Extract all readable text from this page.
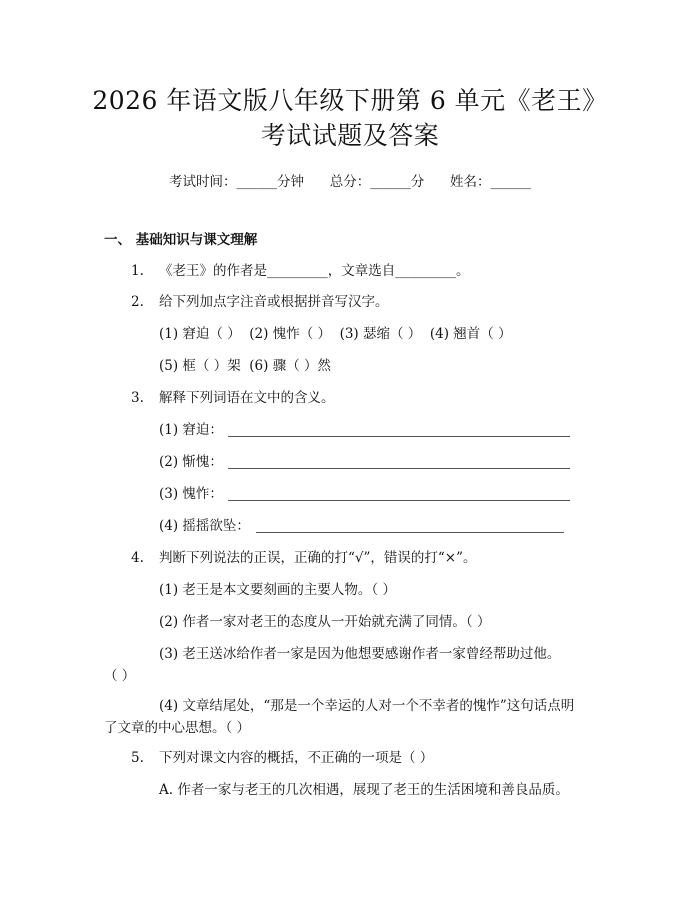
2026 年语文版八年级下册第 6 单元《老王》
考试试题及答案
考试时间：______分钟      总分：______分      姓名：______
一、 基础知识与课文理解
1. 《老王》的作者是_________，文章选自_________。
2. 给下列加点字注音或根据拼音写汉字。
(1) 窘迫（ ）  (2) 愧怍（ ）  (3) 瑟缩（ ）  (4) 翘首（ ）
(5) 框（ ）架  (6) 骤（ ）然
3. 解释下列词语在文中的含义。
(1) 窘迫：
(2) 惭愧：
(3) 愧怍：
(4) 摇摇欲坠：
4. 判断下列说法的正误，正确的打“√”，错误的打“×”。
(1) 老王是本文要刻画的主要人物。（ ）
(2) 作者一家对老王的态度从一开始就充满了同情。（ ）
(3) 老王送冰给作者一家是因为他想要感谢作者一家曾经帮助过他。
（ ）
(4) 文章结尾处，“那是一个幸运的人对一个不幸者的愧怍”这句话点明
了文章的中心思想。（ ）
5. 下列对课文内容的概括，不正确的一项是（ ）
A. 作者一家与老王的几次相遇，展现了老王的生活困境和善良品质。
